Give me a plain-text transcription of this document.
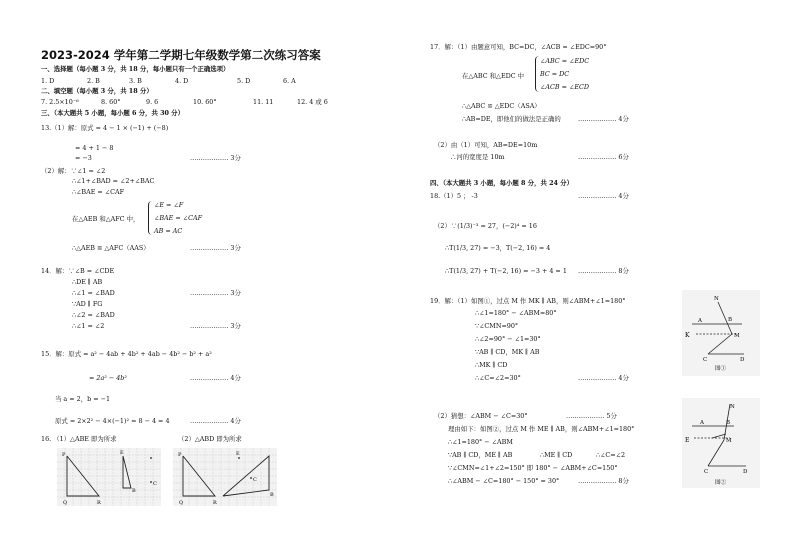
2023-2024 学年第二学期七年级数学第二次练习答案
一、选择题（每小题 3 分，共 18 分，每小题只有一个正确选项）
1. D	2. B	3. B	4. D	5. D	6. A
二、填空题（每小题 3 分，共 18 分）
7. 2.5×10⁻⁶	8. 60°	9. 6	10. 60°	11. 11	12. 4 或 6
三、（本大题共 5 小题，每小题 6 分，共 30 分）
13.（1）解：原式 = 4 − 1 × (−1) + (−8)
= 4 + 1 − 8
= −3	……………… 3分
（2）解：∵∠1 = ∠2
∴∠1+∠BAD = ∠2+∠BAC
∴∠BAE = ∠CAF
在△AEB 和△AFC 中，
∠E = ∠F
∠BAE = ∠CAF
AB = AC
∴△AEB ≌ △AFC（AAS）	……………… 3分
14．解：∵∠B = ∠CDE
∴DE ∥ AB
∴∠1 = ∠BAD	……………… 3分
∵AD ∥ FG
∴∠2 = ∠BAD
∴∠1 = ∠2	……………… 3分
15．解：原式 = a² − 4ab + 4b² + 4ab − 4b² − b² + a²
= 2a² − 4b²	……………… 4分
当 a = 2，b = −1
原式 = 2×2² − 4×(−1)² = 8 − 4 = 4	……………… 4分
16. （1）△ABE 即为所求	（2）△ABD 即为所求
P	E
C
Q	R
B
P	E
C
Q	R
B
17．解：（1）由题意可知，BC=DC，∠ACB = ∠EDC=90°
在△ABC 和△EDC 中
∠ABC = ∠EDC
BC = DC
∠ACB = ∠ECD
∴△ABC ≌ △EDC（ASA）
∴AB=DE，即他们的做法是正确的	……………… 4分
（2）由（1）可知，AB=DE=10m
∴河的宽度是 10m	……………… 6分
四、（本大题共 3 小题，每小题 8 分，共 24 分）
18.（1）5 ； -3	……………… 4分
（2）∵(1/3)⁻³ = 27，(−2)⁴ = 16
∴T(1/3, 27) = −3，T(−2, 16) = 4
∴T(1/3, 27) + T(−2, 16) = −3 + 4 = 1 ……………… 8分
19．解：（1）如图①，过点 M 作 MK ∥ AB，则∠ABM+∠1=180°
∴∠1=180° − ∠ABM=80°
∵∠CMN=90°
∴∠2=90° − ∠1=30°
∵AB ∥ CD，MK ∥ AB
∴MK ∥ CD
∴∠C=∠2=30°	……………… 4分
（2）猜想：∠ABM − ∠C=30°	……………… 5分
理由如下：如图②，过点 M 作 ME ∥ AB，则∠ABM+∠1=180°
∴∠1=180° − ∠ABM
∵AB ∥ CD，ME ∥ AB	∴ME ∥ CD	∴∠C=∠2
∵∠CMN=∠1+∠2=150° 即 180° − ∠ABM+∠C=150°
∴∠ABM − ∠C=180° − 150° = 30°	……………… 8分
N
A	B
K	M
C	D
图①
N
A	B
E	M
C	D
图②
